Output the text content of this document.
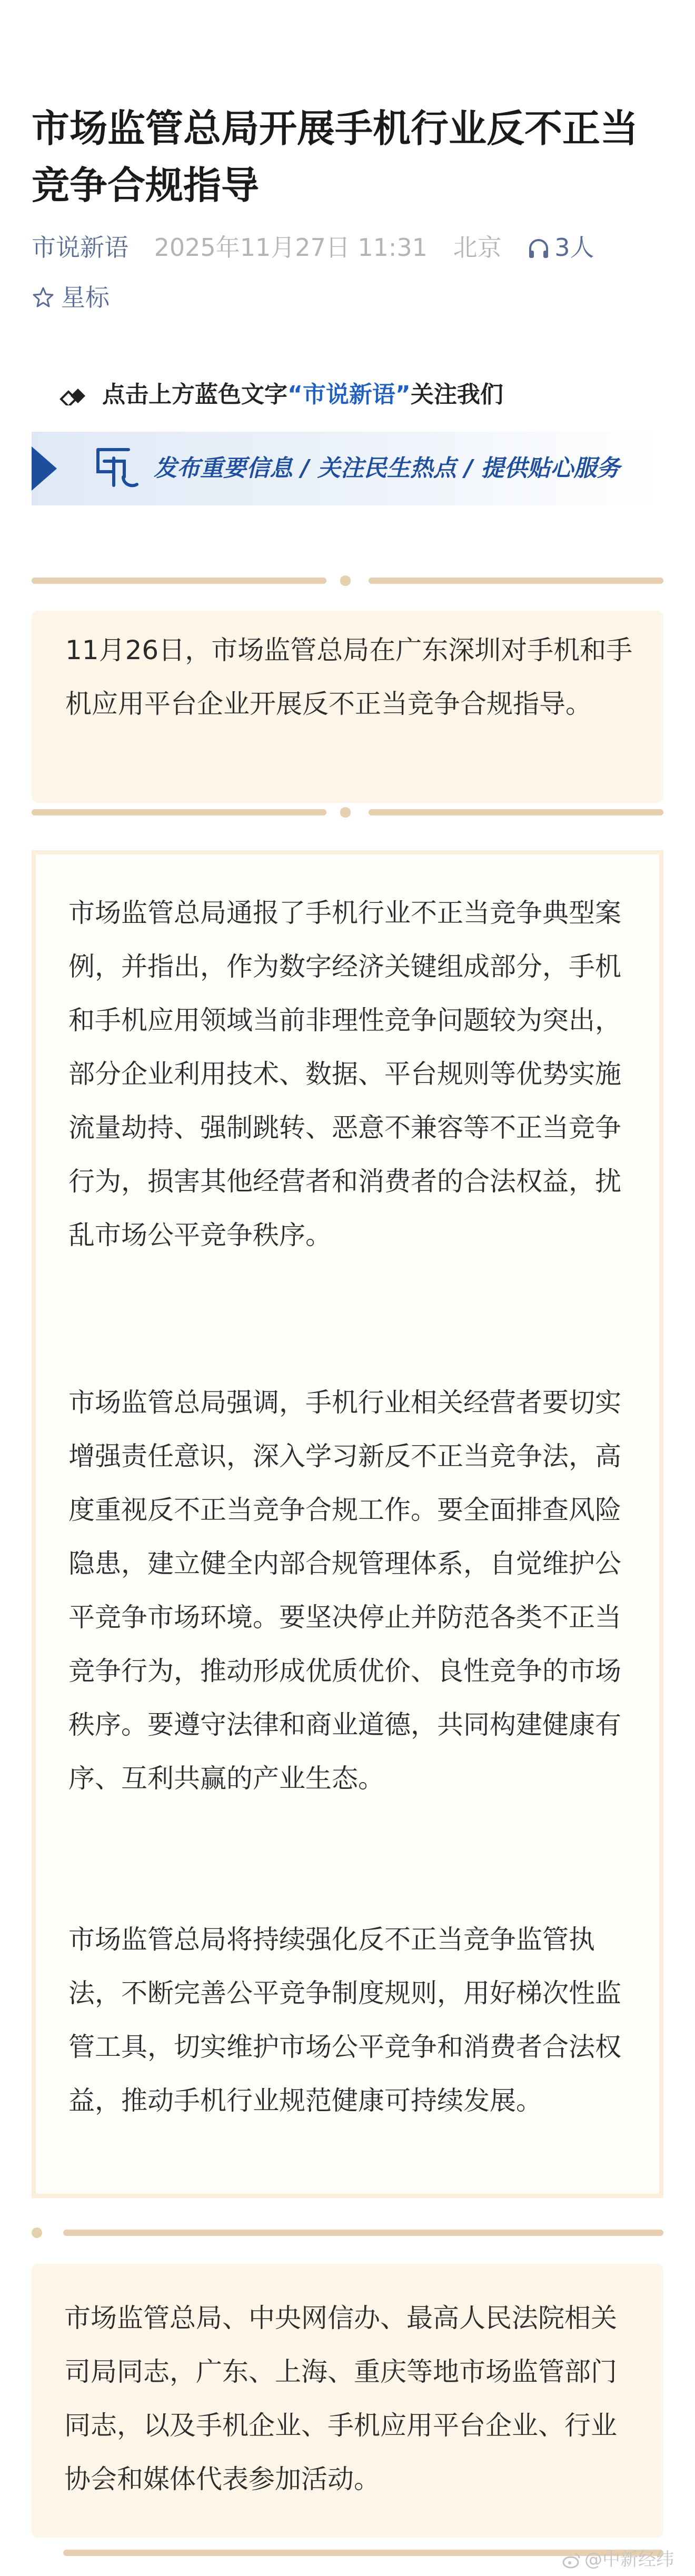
市场监管总局开展手机行业反不正当竞争合规指导
市说新语 2025年11月27日 11:31 北京 3人
星标
点击上方蓝色文字“市说新语”关注我们
发布重要信息 / 关注民生热点 / 提供贴心服务

11月26日，市场监管总局在广东深圳对手机和手机应用平台企业开展反不正当竞争合规指导。

市场监管总局通报了手机行业不正当竞争典型案例，并指出，作为数字经济关键组成部分，手机和手机应用领域当前非理性竞争问题较为突出，部分企业利用技术、数据、平台规则等优势实施流量劫持、强制跳转、恶意不兼容等不正当竞争行为，损害其他经营者和消费者的合法权益，扰乱市场公平竞争秩序。

市场监管总局强调，手机行业相关经营者要切实增强责任意识，深入学习新反不正当竞争法，高度重视反不正当竞争合规工作。要全面排查风险隐患，建立健全内部合规管理体系，自觉维护公平竞争市场环境。要坚决停止并防范各类不正当竞争行为，推动形成优质优价、良性竞争的市场秩序。要遵守法律和商业道德，共同构建健康有序、互利共赢的产业生态。

市场监管总局将持续强化反不正当竞争监管执法，不断完善公平竞争制度规则，用好梯次性监管工具，切实维护市场公平竞争和消费者合法权益，推动手机行业规范健康可持续发展。

市场监管总局、中央网信办、最高人民法院相关司局同志，广东、上海、重庆等地市场监管部门同志，以及手机企业、手机应用平台企业、行业协会和媒体代表参加活动。

@中新经纬
